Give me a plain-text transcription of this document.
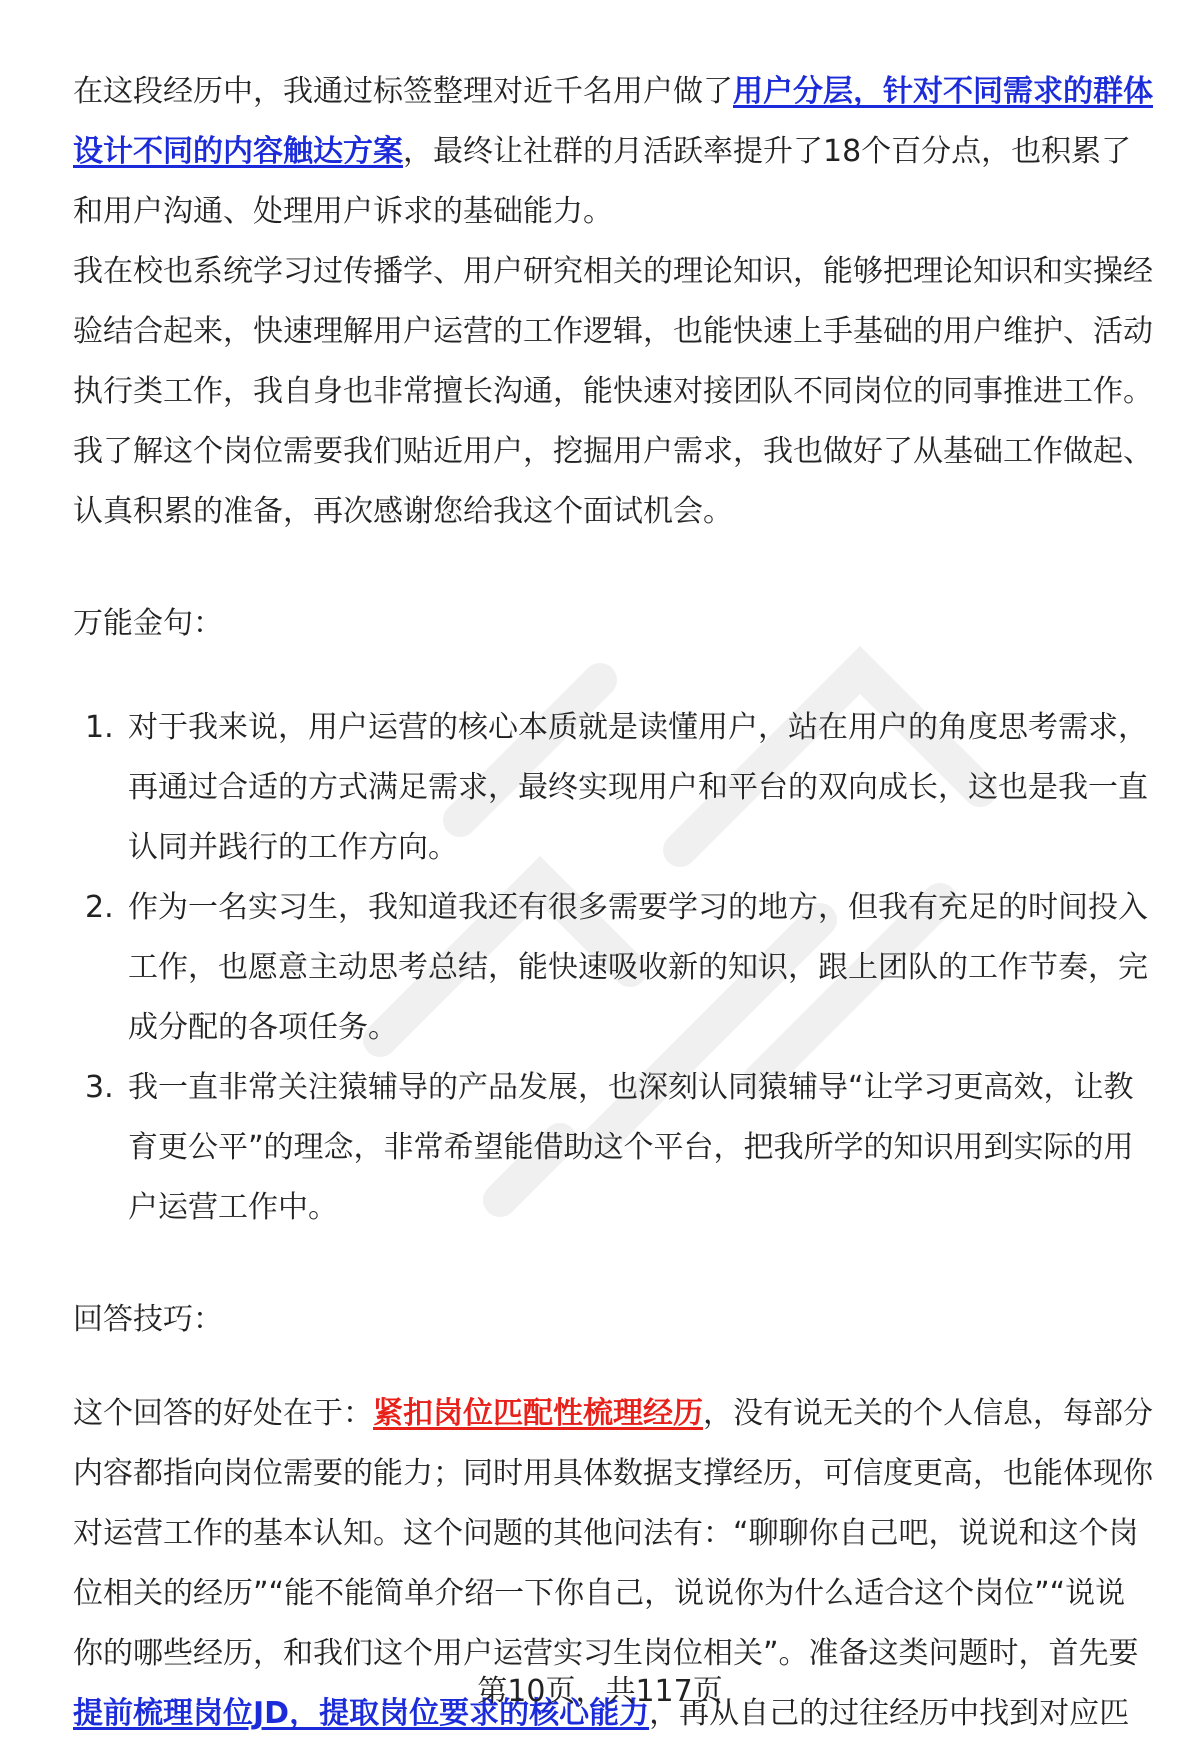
在这段经历中，我通过标签整理对近千名用户做了用户分层，针对不同需求的群体设计不同的内容触达方案，最终让社群的月活跃率提升了18个百分点，也积累了和用户沟通、处理用户诉求的基础能力。

我在校也系统学习过传播学、用户研究相关的理论知识，能够把理论知识和实操经验结合起来，快速理解用户运营的工作逻辑，也能快速上手基础的用户维护、活动执行类工作，我自身也非常擅长沟通，能快速对接团队不同岗位的同事推进工作。我了解这个岗位需要我们贴近用户，挖掘用户需求，我也做好了从基础工作做起、认真积累的准备，再次感谢您给我这个面试机会。

万能金句：

1. 对于我来说，用户运营的核心本质就是读懂用户，站在用户的角度思考需求，再通过合适的方式满足需求，最终实现用户和平台的双向成长，这也是我一直认同并践行的工作方向。
2. 作为一名实习生，我知道我还有很多需要学习的地方，但我有充足的时间投入工作，也愿意主动思考总结，能快速吸收新的知识，跟上团队的工作节奏，完成分配的各项任务。
3. 我一直非常关注猿辅导的产品发展，也深刻认同猿辅导“让学习更高效，让教育更公平”的理念，非常希望能借助这个平台，把我所学的知识用到实际的用户运营工作中。

回答技巧：

这个回答的好处在于：紧扣岗位匹配性梳理经历，没有说无关的个人信息，每部分内容都指向岗位需要的能力；同时用具体数据支撑经历，可信度更高，也能体现你对运营工作的基本认知。这个问题的其他问法有：“聊聊你自己吧，说说和这个岗位相关的经历”“能不能简单介绍一下你自己，说说你为什么适合这个岗位”“说说你的哪些经历，和我们这个用户运营实习生岗位相关”。准备这类问题时，首先要提前梳理岗位JD，提取岗位要求的核心能力，再从自己的过往经历中找到对应匹

第10页，共117页
